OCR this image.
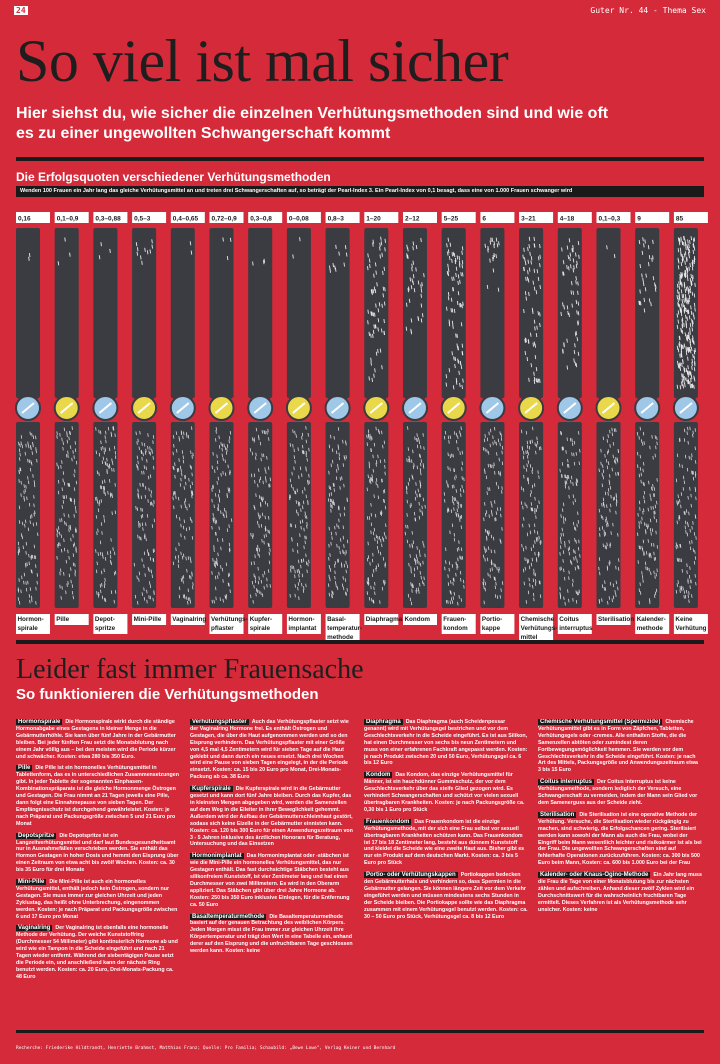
24	Guter Nr. 44 - Thema Sex
So viel ist mal sicher
Hier siehst du, wie sicher die einzelnen Verhütungsmethoden sind und wie oft es zu einer ungewollten Schwangerschaft kommt
Die Erfolgsquoten verschiedener Verhütungsmethoden
Wenden 100 Frauen ein Jahr lang das gleiche Verhütungsmittel an und treten drei Schwangerschaften auf, so beträgt der Pearl-Index 3. Ein Pearl-Index von 0,1 besagt, dass eine von 1.000 Frauen schwanger wird
0,16
Hormon-
spirale
0,1–0,9
Pille
0,3–0,88
Depot-
spritze
0,5–3
Mini-Pille
0,4–0,65
Vaginalring
0,72–0,9
Verhütungs-
pflaster
0,3–0,8
Kupfer-
spirale
0–0,08
Hormon-
implantat
0,8–3
Basal-
temperatur-
methode
1–20
Diaphragma
2–12
Kondom
5–25
Frauen-
kondom
6
Portio-
kappe
3–21
Chemische
Verhütungs-
mittel
4–18
Coitus
interruptus
0,1–0,3
Sterilisation
9
Kalender-
methode
85
Keine
Verhütung
Leider fast immer Frauensache
So funktionieren die Verhütungsmethoden

Hormonspirale Die Hormonspirale wirkt durch die ständige Hormonabgabe eines Gestagens in kleiner Menge in die Gebärmutterhöhle. Sie kann über fünf Jahre in der Gebärmutter bleiben. Bei jeder fünften Frau setzt die Monatsblutung nach einem Jahr völlig aus – bei den meisten wird die Periode kürzer und schwächer. Kosten: etwa 280 bis 350 Euro.

Pille Die Pille ist ein hormonelles Verhütungsmittel in Tablettenform, das es in unterschiedlichen Zusammensetzungen gibt. In jeder Tablette der sogenannten Einphasen-Kombinationspräparate ist die gleiche Hormonmenge Östrogen und Gestagen. Die Frau nimmt an 21 Tagen jeweils eine Pille, dann folgt eine Einnahmepause von sieben Tagen. Der Empfängnisschutz ist durchgehend gewährleistet. Kosten: je nach Präparat und Packungsgröße zwischen 5 und 21 Euro pro Monat

Depotspritze Die Depotspritze ist ein Langzeitverhütungsmittel und darf laut Bundesgesundheitsamt nur in Ausnahmefällen verschrieben werden. Sie enthält das Hormon Gestagen in hoher Dosis und hemmt den Eisprung über einen Zeitraum von etwa acht bis zwölf Wochen. Kosten: ca. 30 bis 35 Euro für drei Monate

Mini-Pille Die Mini-Pille ist auch ein hormonelles Verhütungsmittel, enthält jedoch kein Östrogen, sondern nur Gestagen. Sie muss immer zur gleichen Uhrzeit und jeden Zyklustag, das heißt ohne Unterbrechung, eingenommen werden. Kosten: je nach Präparat und Packungsgröße zwischen 6 und 17 Euro pro Monat

Vaginalring Der Vaginalring ist ebenfalls eine hormonelle Methode der Verhütung. Der weiche Kunststoffring (Durchmesser 54 Millimeter) gibt kontinuierlich Hormone ab und wird wie ein Tampon in die Scheide eingeführt und nach 21 Tagen wieder entfernt. Während der siebentägigen Pause setzt die Periode ein, und anschließend kann der nächste Ring benutzt werden. Kosten: ca. 20 Euro, Drei-Monats-Packung ca. 48 Euro

Verhütungspflaster Auch das Verhütungspflaster setzt wie der Vaginalring Hormone frei. Es enthält Östrogen und Gestagen, die über die Haut aufgenommen werden und so den Eisprung verhindern. Das Verhütungspflaster mit einer Größe von 4,5 mal 4,5 Zentimetern wird für sieben Tage auf die Haut geklebt und dann durch ein neues ersetzt. Nach drei Wochen wird eine Pause von sieben Tagen eingelegt, in der die Periode einsetzt. Kosten: ca. 15 bis 20 Euro pro Monat, Drei-Monats-Packung ab ca. 38 Euro

Kupferspirale Die Kupferspirale wird in die Gebärmutter gesetzt und kann dort fünf Jahre bleiben. Durch das Kupfer, das in kleinsten Mengen abgegeben wird, werden die Samenzellen auf dem Weg in die Eileiter in ihrer Beweglichkeit gehemmt. Außerdem wird der Aufbau der Gebärmutterschleimhaut gestört, sodass sich keine Eizelle in der Gebärmutter einnisten kann. Kosten: ca. 120 bis 300 Euro für einen Anwendungszeitraum von 3 - 5 Jahren inklusive des ärztlichen Honorars für Beratung, Untersuchung und das Einsetzen

Hormonimplantat Das Hormonimplantat oder -stäbchen ist wie die Mini-Pille ein hormonelles Verhütungsmittel, das nur Gestagen enthält. Das fast durchsichtige Stäbchen besteht aus silikonfreiem Kunststoff, ist vier Zentimeter lang und hat einen Durchmesser von zwei Millimetern. Es wird in den Oberarm appliziert. Das Stäbchen gibt über drei Jahre Hormone ab. Kosten: 250 bis 350 Euro inklusive Einlegen, für die Entfernung ca. 50 Euro

Basaltemperaturmethode Die Basaltemperaturmethode basiert auf der genauen Betrachtung des weiblichen Körpers. Jeden Morgen misst die Frau immer zur gleichen Uhrzeit ihre Körpertemperatur und trägt den Wert in eine Tabelle ein, anhand derer auf den Eisprung und die unfruchtbaren Tage geschlossen werden kann. Kosten: keine

Diaphragma Das Diaphragma (auch Scheidenpessar genannt) wird mit Verhütungsgel bestrichen und vor dem Geschlechtsverkehr in die Scheide eingeführt. Es ist aus Silikon, hat einen Durchmesser von sechs bis neun Zentimetern und muss von einer erfahrenen Fachkraft angepasst werden. Kosten: je nach Produkt zwischen 20 und 50 Euro, Verhütungsgel ca. 6 bis 12 Euro

Kondom Das Kondom, das einzige Verhütungsmittel für Männer, ist ein hauchdünner Gummischutz, der vor dem Geschlechtsverkehr über das steife Glied gezogen wird. Es verhindert Schwangerschaften und schützt vor vielen sexuell übertragbaren Krankheiten. Kosten: je nach Packungsgröße ca. 0,30 bis 1 Euro pro Stück

Frauenkondom Das Frauenkondom ist die einzige Verhütungsmethode, mit der sich eine Frau selbst vor sexuell übertragbaren Krankheiten schützen kann. Das Frauenkondom ist 17 bis 18 Zentimeter lang, besteht aus dünnem Kunststoff und kleidet die Scheide wie eine zweite Haut aus. Bisher gibt es nur ein Produkt auf dem deutschen Markt. Kosten: ca. 3 bis 5 Euro pro Stück

Portio- oder Verhütungskappen Portiokappen bedecken den Gebärmutterhals und verhindern so, dass Spermien in die Gebärmutter gelangen. Sie können längere Zeit vor dem Verkehr eingeführt werden und müssen mindestens sechs Stunden in der Scheide bleiben. Die Portiokappe sollte wie das Diaphragma zusammen mit einem Verhütungsgel benutzt werden. Kosten: ca. 30 – 50 Euro pro Stück, Verhütungsgel ca. 8 bis 12 Euro

Chemische Verhütungsmittel (Spermizide) Chemische Verhütungsmittel gibt es in Form von Zäpfchen, Tabletten, Verhütungsgels oder -cremes. Alle enthalten Stoffe, die die Samenzellen abtöten oder zumindest deren Fortbewegungsmöglichkeit hemmen. Sie werden vor dem Geschlechtsverkehr in die Scheide eingeführt. Kosten: je nach Art des Mittels, Packungsgröße und Anwendungszeitraum etwa 3 bis 15 Euro

Coitus interruptus Der Coitus interruptus ist keine Verhütungsmethode, sondern lediglich der Versuch, eine Schwangerschaft zu vermeiden, indem der Mann sein Glied vor dem Samenerguss aus der Scheide zieht.

Sterilisation Die Sterilisation ist eine operative Methode der Verhütung. Versuche, die Sterilisation wieder rückgängig zu machen, sind schwierig, die Erfolgschancen gering. Sterilisiert werden kann sowohl der Mann als auch die Frau, wobei der Eingriff beim Mann wesentlich leichter und risikoärmer ist als bei der Frau. Die ungewollten Schwangerschaften sind auf fehlerhafte Operationen zurückzuführen. Kosten: ca. 300 bis 500 Euro beim Mann, Kosten: ca. 600 bis 1.000 Euro bei der Frau

Kalender- oder Knaus-Ogino-Methode Ein Jahr lang muss die Frau die Tage von einer Monatsblutung bis zur nächsten zählen und aufschreiben. Anhand dieser zwölf Zyklen wird ein Durchschnittswert für die wahrscheinlich fruchtbaren Tage ermittelt. Dieses Verfahren ist als Verhütungsmethode sehr unsicher. Kosten: keine

Recherche: Friederike Hildtrandt, Henriette Brahmst, Matthias Franz; Quelle: Pro Familia; Schaubild: „Bewe Lowe", Verlag Keiner und Bernhard
